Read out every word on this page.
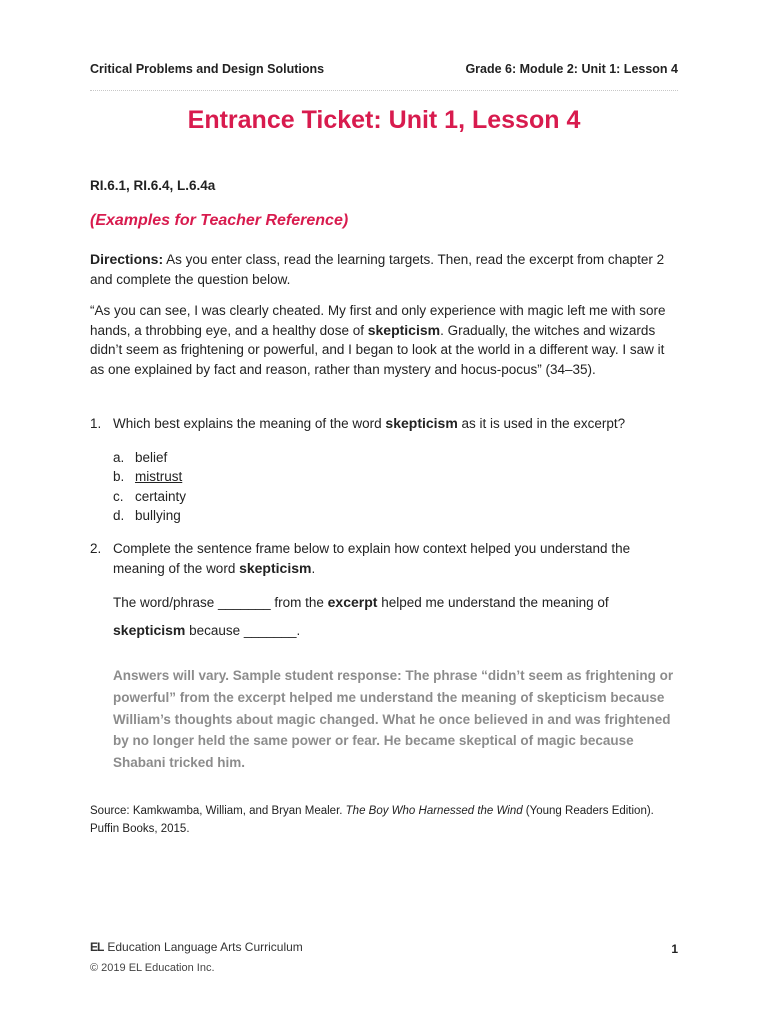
Critical Problems and Design Solutions	Grade 6: Module 2: Unit 1: Lesson 4
Entrance Ticket: Unit 1, Lesson 4
RI.6.1, RI.6.4, L.6.4a
(Examples for Teacher Reference)
Directions: As you enter class, read the learning targets. Then, read the excerpt from chapter 2 and complete the question below.
“As you can see, I was clearly cheated. My first and only experience with magic left me with sore hands, a throbbing eye, and a healthy dose of skepticism. Gradually, the witches and wizards didn’t seem as frightening or powerful, and I began to look at the world in a different way. I saw it as one explained by fact and reason, rather than mystery and hocus-pocus” (34–35).
1. Which best explains the meaning of the word skepticism as it is used in the excerpt?
a. belief
b. mistrust
c. certainty
d. bullying
2. Complete the sentence frame below to explain how context helped you understand the meaning of the word skepticism.
The word/phrase _______ from the excerpt helped me understand the meaning of
skepticism because _______.
Answers will vary. Sample student response: The phrase “didn’t seem as frightening or powerful” from the excerpt helped me understand the meaning of skepticism because William’s thoughts about magic changed. What he once believed in and was frightened by no longer held the same power or fear. He became skeptical of magic because Shabani tricked him.
Source: Kamkwamba, William, and Bryan Mealer. The Boy Who Harnessed the Wind (Young Readers Edition). Puffin Books, 2015.
EL Education Language Arts Curriculum
© 2019 EL Education Inc.
1
